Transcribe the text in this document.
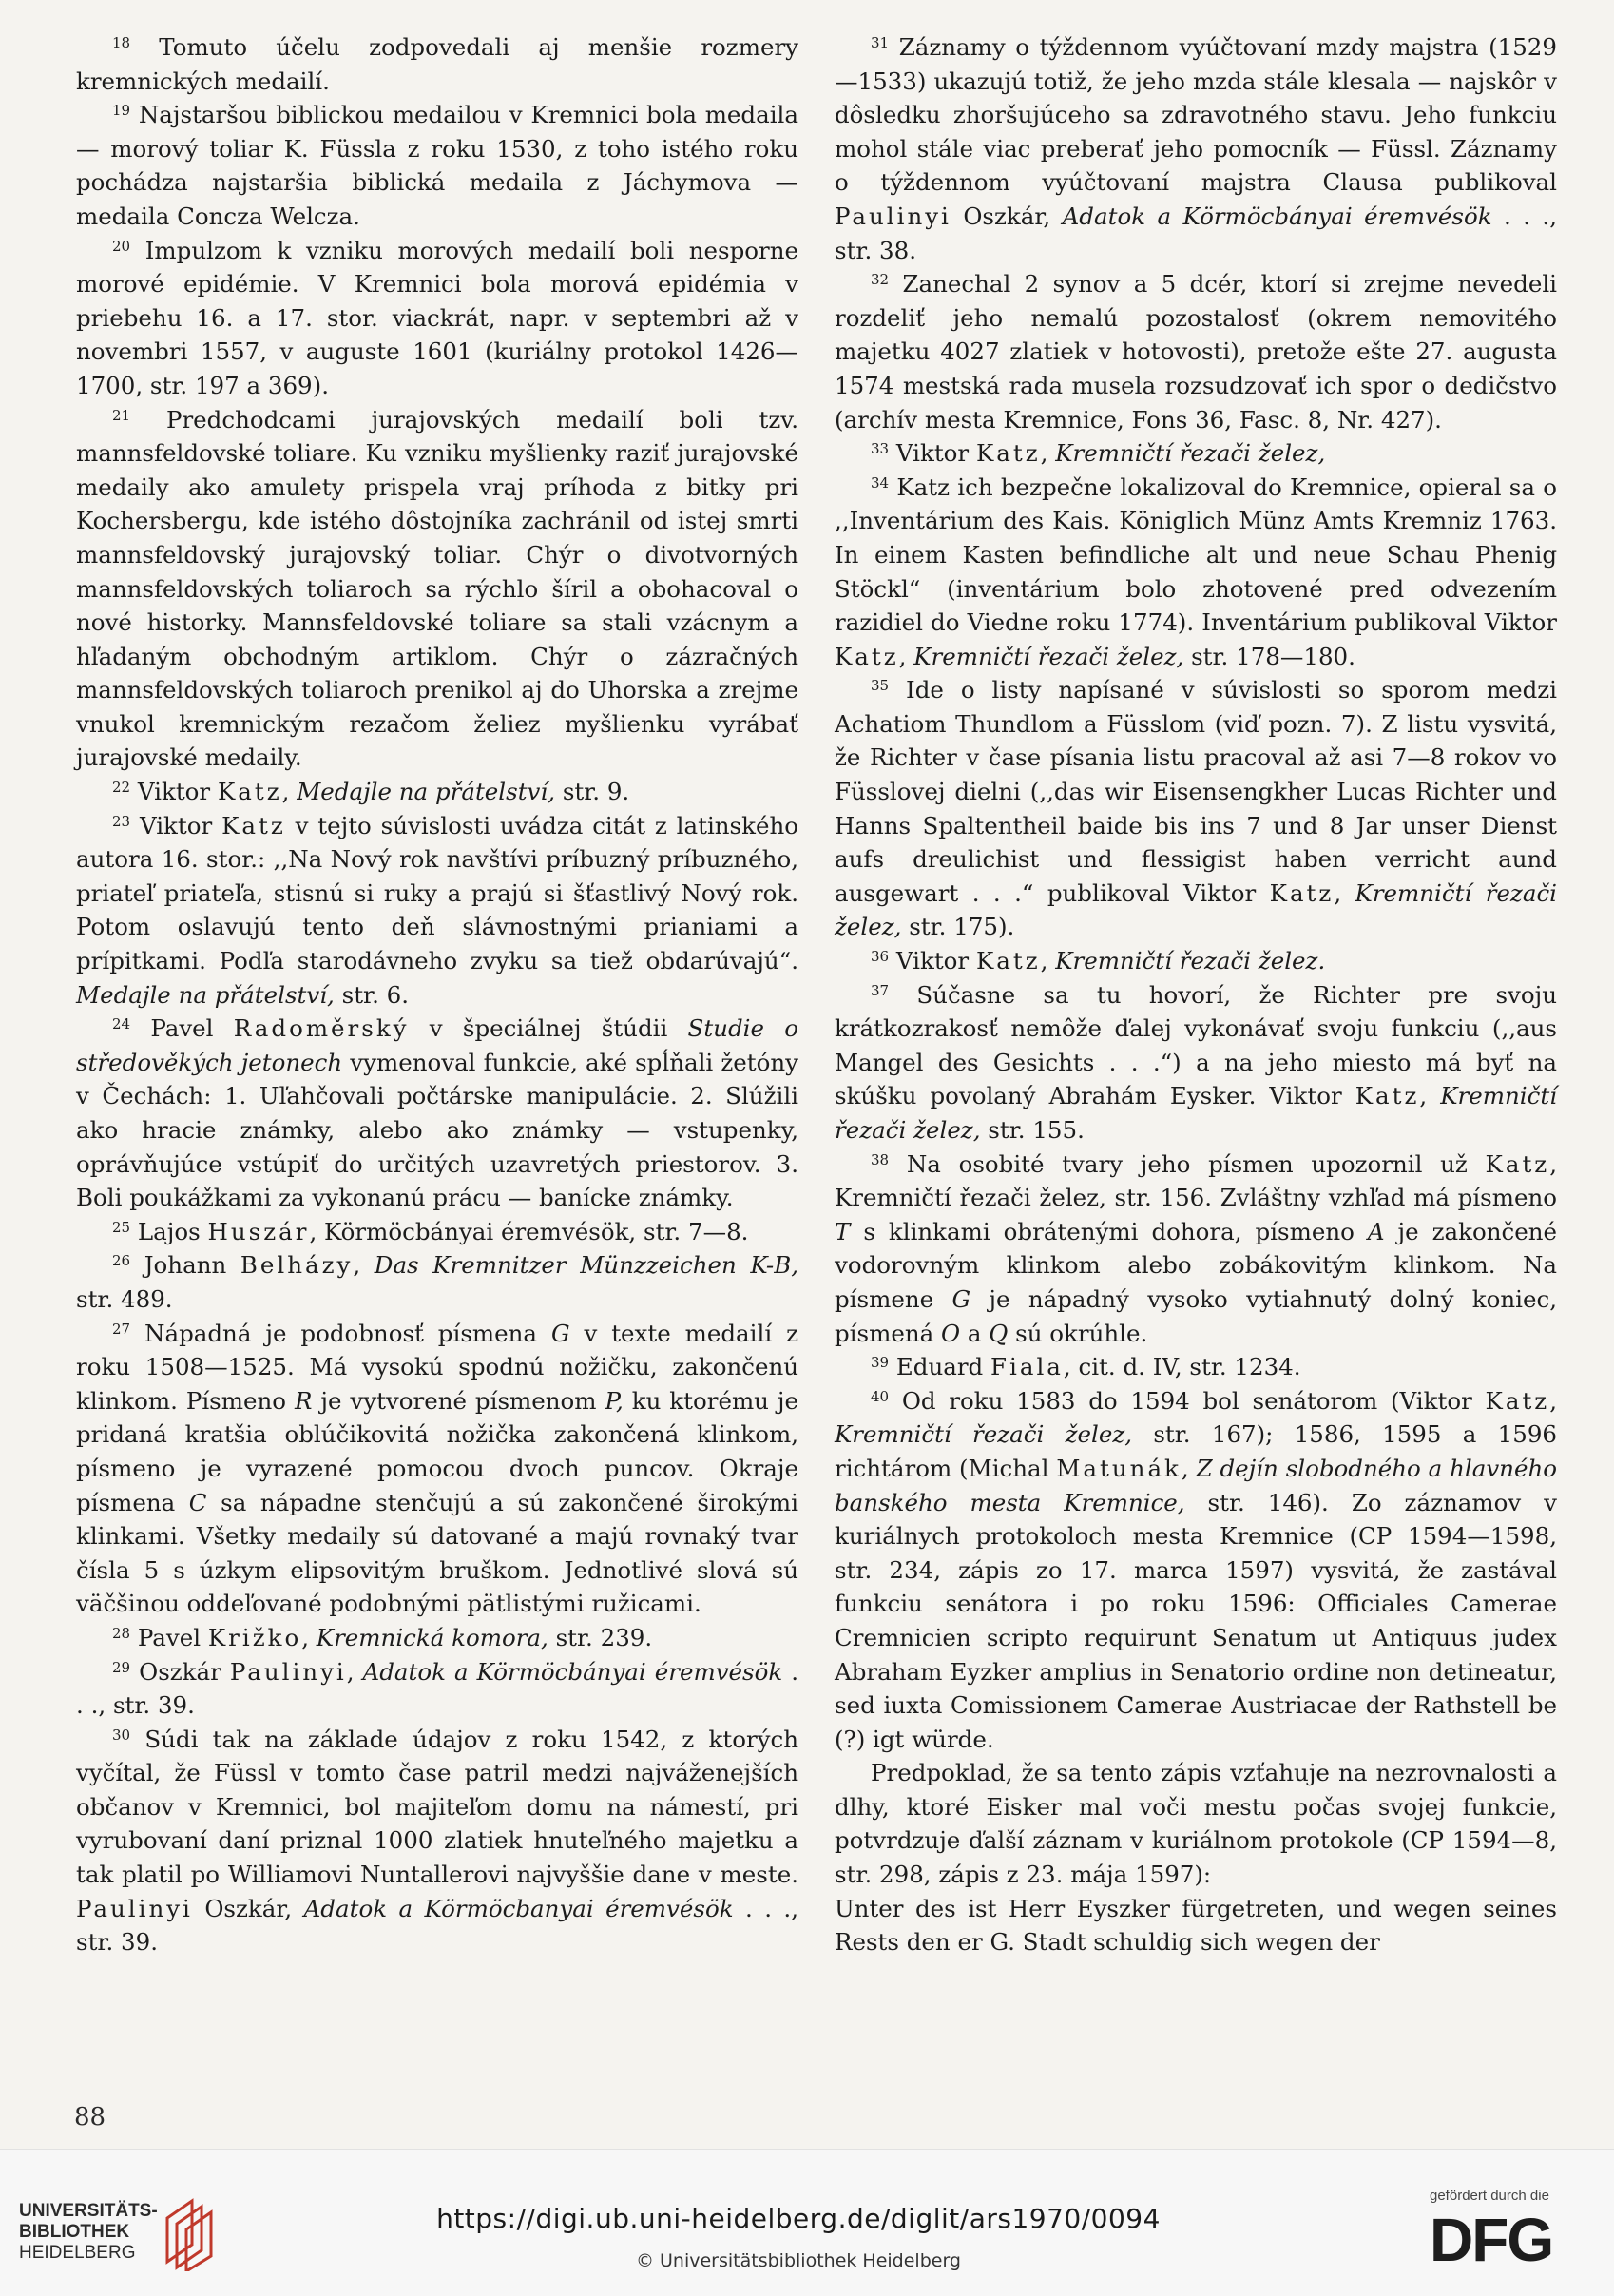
$^{18}$ Tomuto účelu zodpovedali aj menšie rozmery kremnických medailí.

$^{19}$ Najstaršou biblickou medailou v Kremnici bola medaila — morový toliar K. Füssla z roku 1530, z toho istého roku pochádza najstaršia biblická medaila z Jáchymova — medaila Concza Welcza.

$^{20}$ Impulzom k vzniku morových medailí boli nesporne morové epidémie. V Kremnici bola morová epidémia v priebehu 16. a 17. stor. viackrát, napr. v septembri až v novembri 1557, v auguste 1601 (kuriálny protokol 1426—1700, str. 197 a 369).

$^{21}$ Predchodcami jurajovských medailí boli tzv. mannsfeldovské toliare. Ku vzniku myšlienky raziť jurajovské medaily ako amulety prispela vraj príhoda z bitky pri Kochersbergu, kde istého dôstojníka zachránil od istej smrti mannsfeldovský jurajovský toliar. Chýr o divotvorných mannsfeldovských toliaroch sa rýchlo šíril a obohacoval o nové historky. Mannsfeldovské toliare sa stali vzácnym a hľadaným obchodným artiklom. Chýr o zázračných mannsfeldovských toliaroch prenikol aj do Uhorska a zrejme vnukol kremnickým rezačom želiez myšlienku vyrábať jurajovské medaily.

$^{22}$ Viktor Katz, Medajle na přátelství, str. 9.

$^{23}$ Viktor Katz v tejto súvislosti uvádza citát z latinského autora 16. stor.: ,,Na Nový rok navštívi príbuzný príbuzného, priateľ priateľa, stisnú si ruky a prajú si šťastlivý Nový rok. Potom oslavujú tento deň slávnostnými prianiami a prípitkami. Podľa starodávneho zvyku sa tiež obdarúvajú“. Medajle na přátelství, str. 6.

$^{24}$ Pavel Radoměrský v špeciálnej štúdii Studie o středověkých jetonech vymenoval funkcie, aké spĺňali žetóny v Čechách: 1. Uľahčovali počtárske manipulácie. 2. Slúžili ako hracie známky, alebo ako známky — vstupenky, oprávňujúce vstúpiť do určitých uzavretých priestorov. 3. Boli poukážkami za vykonanú prácu — banícke známky.

$^{25}$ Lajos Huszár, Körmöcbányai éremvésök, str. 7—8.

$^{26}$ Johann Belházy, Das Kremnitzer Münzzeichen K-B, str. 489.

$^{27}$ Nápadná je podobnosť písmena G v texte medailí z roku 1508—1525. Má vysokú spodnú nožičku, zakončenú klinkom. Písmeno R je vytvorené písmenom P, ku ktorému je pridaná kratšia oblúčikovitá nožička zakončená klinkom, písmeno je vyrazené pomocou dvoch puncov. Okraje písmena C sa nápadne stenčujú a sú zakončené širokými klinkami. Všetky medaily sú datované a majú rovnaký tvar čísla 5 s úzkym elipsovitým bruškom. Jednotlivé slová sú väčšinou oddeľované podobnými pätlistými ružicami.

$^{28}$ Pavel Križko, Kremnická komora, str. 239.

$^{29}$ Oszkár Paulinyi, Adatok a Körmöcbányai éremvésök . . ., str. 39.

$^{30}$ Súdi tak na základe údajov z roku 1542, z ktorých vyčítal, že Füssl v tomto čase patril medzi najváženejších občanov v Kremnici, bol majiteľom domu na námestí, pri vyrubovaní daní priznal 1000 zlatiek hnuteľného majetku a tak platil po Williamovi Nuntallerovi najvyššie dane v meste. Paulinyi Oszkár, Adatok a Körmöcbanyai éremvésök . . ., str. 39.

$^{31}$ Záznamy o týždennom vyúčtovaní mzdy majstra (1529—1533) ukazujú totiž, že jeho mzda stále klesala — najskôr v dôsledku zhoršujúceho sa zdravotného stavu. Jeho funkciu mohol stále viac preberať jeho pomocník — Füssl. Záznamy o týždennom vyúčtovaní majstra Clausa publikoval Paulinyi Oszkár, Adatok a Körmöcbányai éremvésök . . ., str. 38.

$^{32}$ Zanechal 2 synov a 5 dcér, ktorí si zrejme nevedeli rozdeliť jeho nemalú pozostalosť (okrem nemovitého majetku 4027 zlatiek v hotovosti), pretože ešte 27. augusta 1574 mestská rada musela rozsudzovať ich spor o dedičstvo (archív mesta Kremnice, Fons 36, Fasc. 8, Nr. 427).

$^{33}$ Viktor Katz, Kremničtí řezači želez,

$^{34}$ Katz ich bezpečne lokalizoval do Kremnice, opieral sa o ,,Inventárium des Kais. Königlich Münz Amts Kremniz 1763. In einem Kasten befindliche alt und neue Schau Phenig Stöckl“ (inventárium bolo zhotovené pred odvezením razidiel do Viedne roku 1774). Inventárium publikoval Viktor Katz, Kremničtí řezači želez, str. 178—180.

$^{35}$ Ide o listy napísané v súvislosti so sporom medzi Achatiom Thundlom a Füsslom (viď pozn. 7). Z listu vysvitá, že Richter v čase písania listu pracoval až asi 7—8 rokov vo Füsslovej dielni (,,das wir Eisensengkher Lucas Richter und Hanns Spaltentheil baide bis ins 7 und 8 Jar unser Dienst aufs dreulichist und flessigist haben verricht aund ausgewart . . .“ publikoval Viktor Katz, Kremničtí řezači želez, str. 175).

$^{36}$ Viktor Katz, Kremničtí řezači želez.

$^{37}$ Súčasne sa tu hovorí, že Richter pre svoju krátkozrakosť nemôže ďalej vykonávať svoju funkciu (,,aus Mangel des Gesichts . . .“) a na jeho miesto má byť na skúšku povolaný Abrahám Eysker. Viktor Katz, Kremničtí řezači želez, str. 155.

$^{38}$ Na osobité tvary jeho písmen upozornil už Katz, Kremničtí řezači želez, str. 156. Zvláštny vzhľad má písmeno T s klinkami obrátenými dohora, písmeno A je zakončené vodorovným klinkom alebo zobákovitým klinkom. Na písmene G je nápadný vysoko vytiahnutý dolný koniec, písmená O a Q sú okrúhle.

$^{39}$ Eduard Fiala, cit. d. IV, str. 1234.

$^{40}$ Od roku 1583 do 1594 bol senátorom (Viktor Katz, Kremničtí řezači želez, str. 167); 1586, 1595 a 1596 richtárom (Michal Matunák, Z dejín slobodného a hlavného banského mesta Kremnice, str. 146). Zo záznamov v kuriálnych protokoloch mesta Kremnice (CP 1594—1598, str. 234, zápis zo 17. marca 1597) vysvitá, že zastával funkciu senátora i po roku 1596: Officiales Camerae Cremnicien scripto requirunt Senatum ut Antiquus judex Abraham Eyzker amplius in Senatorio ordine non detineatur, sed iuxta Comissionem Camerae Austriacae der Rathstell be (?) igt würde.

Predpoklad, že sa tento zápis vzťahuje na nezrovnalosti a dlhy, ktoré Eisker mal voči mestu počas svojej funkcie, potvrdzuje ďalší záznam v kuriálnom protokole (CP 1594—8, str. 298, zápis z 23. mája 1597):

Unter des ist Herr Eyszker fürgetreten, und wegen seines Rests den er G. Stadt schuldig sich wegen der

88
UNIVERSITÄTS-
BIBLIOTHEK
HEIDELBERG
https://digi.ub.uni-heidelberg.de/diglit/ars1970/0094
© Universitätsbibliothek Heidelberg
gefördert durch die
DFG
